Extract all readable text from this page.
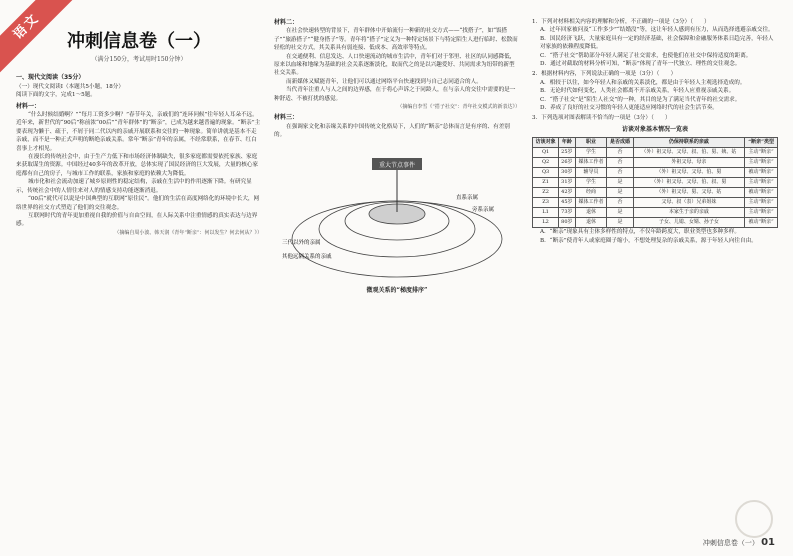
语文	冲刺信息卷（一）
（满分150分，考试用时150分钟）
一、现代文阅读（35分）
（一）现代文阅读Ⅰ（本题共5小题，18分）
阅读下面的文字，完成1～5题。
材料一：

“什么时候结婚啊？”“每月工资多少啊？”春节年关，亲戚们的“连环问候”往年轻人耳朵不远。近年来，新世代的“90后”称前浓“00后”“青年群体”的“断亲”，已成为越来越普遍的现象。“断亲”主要表现为懒于、疏于，不屑于同二代以内的亲戚开展联系和交往的一种现象。简单讲就是基本不走亲戚，而不是一种正式声明的断绝亲戚关系。常年“断亲”青年的亲属，不经常联系，在春节、红白喜事上才相见。

在漫长的传统社会中，由于生产力低下和市场经济体制缺失，很多家庭都需要依托家族、家庭来获取谋生的资源。中国经过40多年的改革开放，总体实现了国民经济的巨大发展，大量的核心家庭都有自己的房子，与城市工作的联系，家族和家庭的依赖大为降低。

城市化和社会流动加速了城乡原则性的稳定结构，亲戚在生活中的作用逐渐下降。有研究显示，传统社会中的人情往来对人的情感支持功能逐渐消退。

“00后”就代可以说是中国典型的互联网“原住民”。他们的生活在高度网络化的环境中长大，网络世界的社交方式塑造了他们的交往观念。

互联网时代的青年更加重视自我的价值与自由空间，在人际关系中注重情感的真实表达与边界感。

（摘编自周小波、韩天润《青年“断亲”：何以发生？何去何从？》）
材料二：

在社会快速转型的背景下，青年群体中开始流行一种新的社交方式——“找搭子”，如“饭搭子”“旅游搭子”“健身搭子”等。青年将“搭子”定义为一种特定场景下与特定陌生人进行临时、松散而轻松的社交方式，其关系具有弱连接、低成本、高效率等特点。

在交通便利、信息发达、人口快速流动的城市生活中，青年们对于邻里、社区的认同感降低，原来以血缘和地缘为基础的社会关系逐渐淡化，取而代之的是以兴趣爱好、共同需求为纽带的新型社交关系。

而新媒体又赋能青年，让他们可以通过网络平台快速找到与自己志同道合的人。

当代青年注重人与人之间的边界感，在于将心声诉之于同龄人，在与亲人的交往中需要的是一种舒适、不被打扰的感觉。

（摘编自李雪《“搭子社交”：青年社交模式的新表达》）
材料三：

在强调家文化和亲缘关系的中国传统文化格局下，人们的“断亲”总体而言是有序的、有差别的。

重大节点事件
直系亲属
旁系亲属
三代以外的亲属
其他远隔关系的亲戚
微观关系的“梯度排序”
1．下列对材料相关内容的理解和分析，不正确的一项是（3分）（　　）
A．过年回家被问及“工作多少”“结婚没”等，这让年轻人感到有压力，从而选择逃避亲戚交往。
B．国民经济飞跃，大量家庭具有一定的经济基础，社会保障和金融服务体系日趋完善，年轻人对家族的依赖程度降低。
C．“搭子社交”帮助部分年轻人满足了社交需求，也使他们在社交中保持适度的距离。
D．通过对截取的材料分析可知，“断亲”体现了青年一代独立、理性的交往观念。
2．根据材料内容，下列说法正确的一项是（3分）（　　）
A．相较于以往，如今年轻人和亲戚的关系淡化，都是由于年轻人主观选择造成的。
B．无论时代如何变化，人类社会都离不开亲戚关系，年轻人应重视亲戚关系。
C．“搭子社交”是“陌生人社交”的一种，其目的是为了满足当代青年的社交需求。
D．养成了良好的社交习惯的年轻人更能适应网络时代的社会生活节奏。
3．下列选项对图表解读不恰当的一项是（3分）（　　）
访谈对象基本情况一览表
访谈对象	年龄	职业	是否成婚	仍保持联系的亲戚	“断亲”类型
Q1	25岁	学生	否	（外）祖父母、父母、叔、伯、舅、姨、姑	主动“断亲”
Q2	26岁	媒体工作者	否	外祖父母、母亲	主动“断亲”
Q3	30岁	辅导员	否	（外）祖父母、父母、伯、舅	被动“断亲”
Z1	31岁	学生	是	（外）祖父母、父母、伯、叔、舅	主动“断亲”
Z2	42岁	经商	是	（外）祖父母、舅、父母、姑	被动“断亲”
Z3	45岁	媒体工作者	否	父母、叔（表）兄弟姐妹	主动“断亲”
L1	73岁	退休	是	本家生于亲的亲戚	主动“断亲”
L2	80岁	退休	是	子女、儿媳、女婿、孙子女	被动“断亲”
A．“断亲”现象具有主体多样性的特点，不仅年龄跨度大，职业类型也多种多样。
B．“断亲”使青年人或家庭圈子缩小，不想处理复杂的亲戚关系，源于年轻人向往自由。
冲刺信息卷（一） 01
